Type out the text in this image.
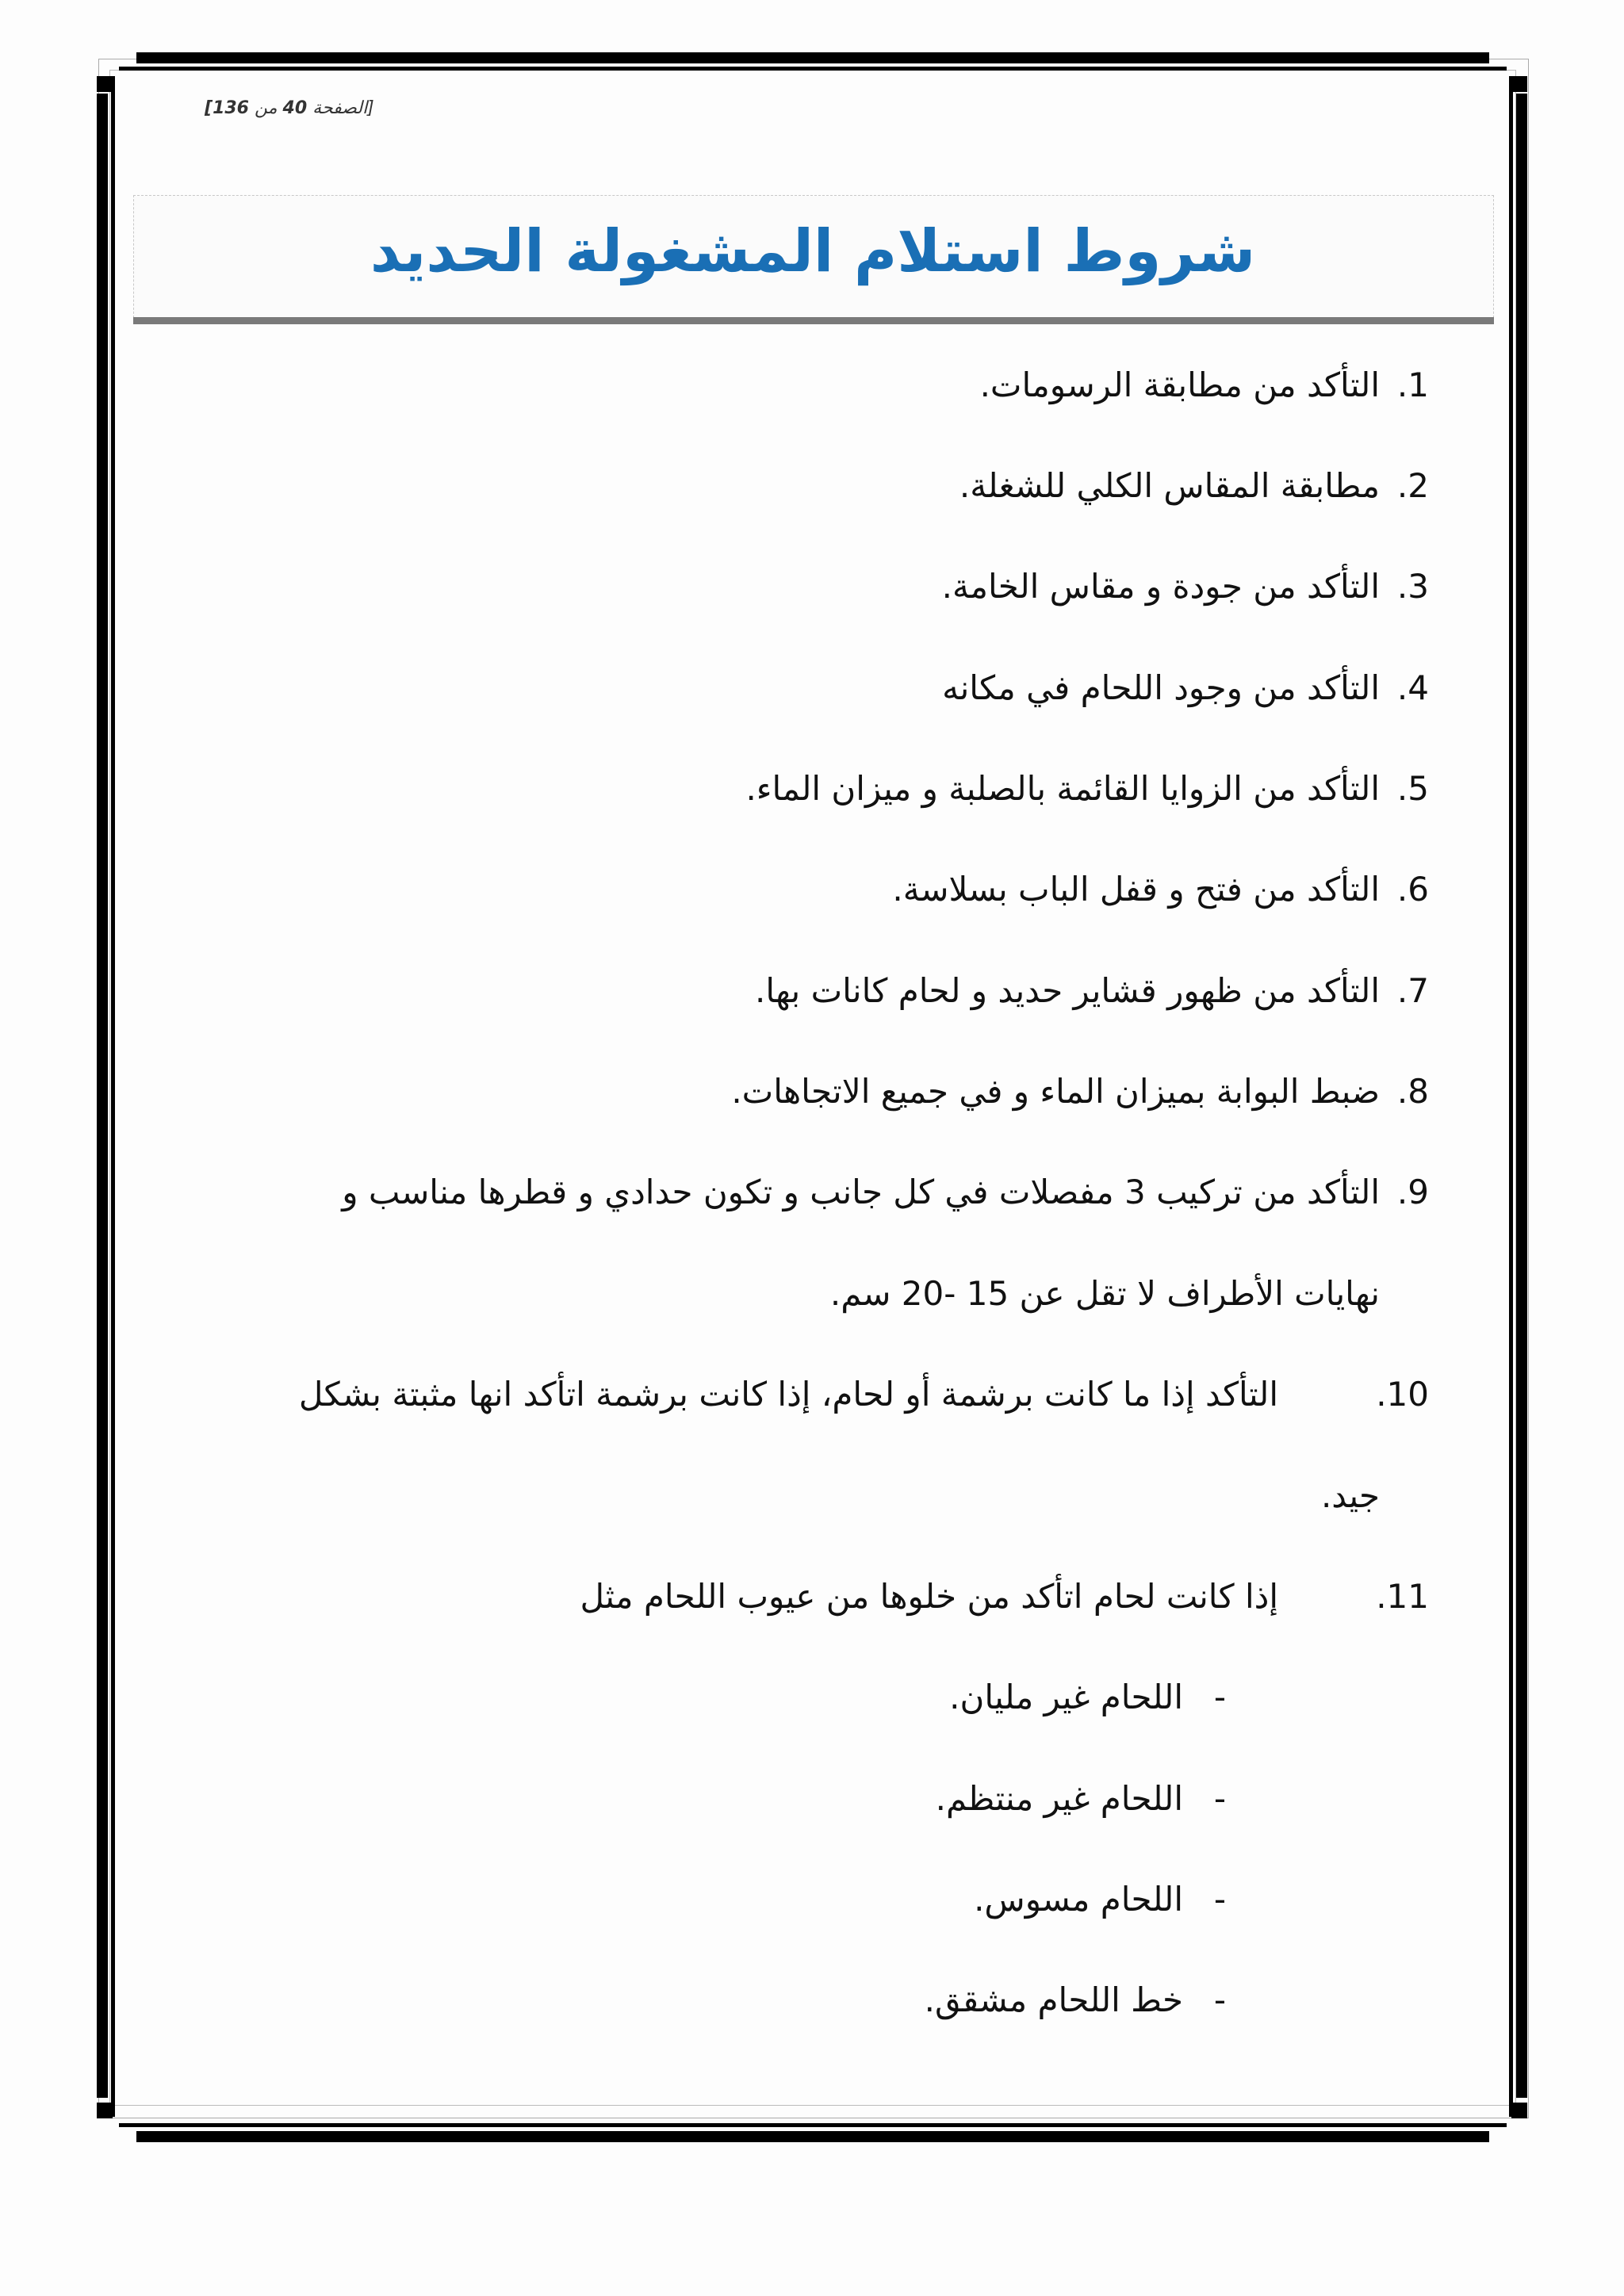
[الصفحة 40 من 136]
شروط استلام المشغولة الحديد
.1
التأكد من مطابقة الرسومات.
.2
مطابقة المقاس الكلي للشغلة.
.3
التأكد من جودة و مقاس الخامة.
.4
التأكد من وجود اللحام في مكانه
.5
التأكد من الزوايا القائمة بالصلبة و ميزان الماء.
.6
التأكد من فتح و قفل الباب بسلاسة.
.7
التأكد من ظهور قشاير حديد و لحام كانات بها.
.8
ضبط البوابة بميزان الماء و في جميع الاتجاهات.
.9
التأكد من تركيب 3 مفصلات في كل جانب و تكون حدادي و قطرها مناسب و
نهايات الأطراف لا تقل عن 15 -20 سم.
.10
التأكد إذا ما كانت برشمة أو لحام، إذا كانت برشمة اتأكد انها مثبتة بشكل
جيد.
.11
إذا كانت لحام اتأكد من خلوها من عيوب اللحام مثل
-
اللحام غير مليان.
-
اللحام غير منتظم.
-
اللحام مسوس.
-
خط اللحام مشقق.
